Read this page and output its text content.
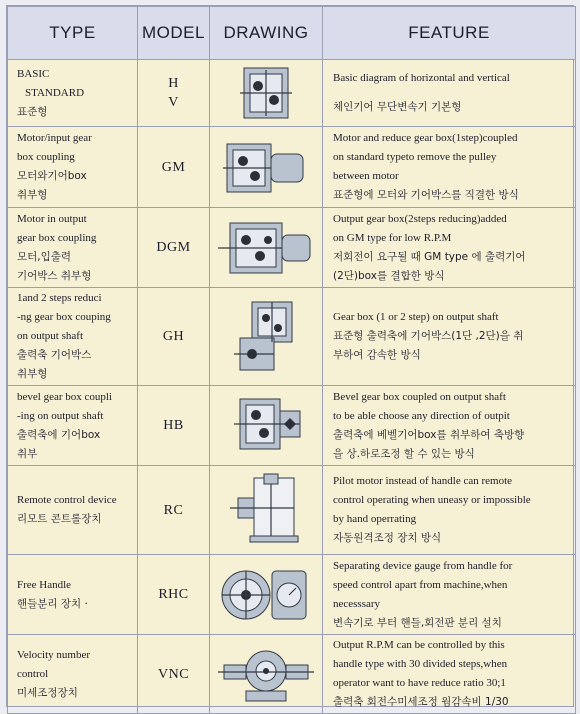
TYPE	MODEL	DRAWING	FEATURE

BASIC
STANDARD
표준형	H
V		Basic diagram of horizontal and vertical
체인기어 무단변속기 기본형

Motor/input gear
box coupling
모터와기어box
취부형	GM		Motor and reduce gear box(1step)coupled
on standard typeto remove the pulley
between motor
표준형에 모터와 기어박스를 직결한 방식

Motor in output
gear box coupling
모터,입출력
기어박스 취부형	DGM		Output gear box(2steps reducing)added
on GM type for low R.P.M
저회전이 요구될 때 GM type 에 출력기어
(2단)box를 결합한 방식

1and 2 steps reduci
-ng gear box couping
on output shaft
출력축 기어박스
취부형	GH		Gear box (1 or 2 step) on output shaft
표준형 출력축에 기어박스(1단 ,2단)을 취
부하여 감속한 방식

bevel gear box coupli
-ing on output shaft
출력축에 기어box
취부	HB		Bevel gear box coupled on output shaft
to be able choose any direction of outpit
출력축에 베벨기어box를 취부하여 축방향
을 상.하로조정 할 수 있는 방식

Remote control device
리모트 콘트롤장치	RC		Pilot motor instead of handle can remote
control operating when uneasy or impossible
by hand operrating
자동원격조정 장치 방식

Free Handle
핸들분리 장치 ·	RHC		Separating device gauge from handle for
speed control apart from machine,when
necesssary
변속기로 부터 핸들,회전판 분리 설치

Velocity number
control
미세조정장치	VNC		Output R.P.M can be controlled by this
handle type with 30 divided steps,when
operator want to have reduce ratio 30;1
출력축 회전수미세조정 웜감속비 1/30
